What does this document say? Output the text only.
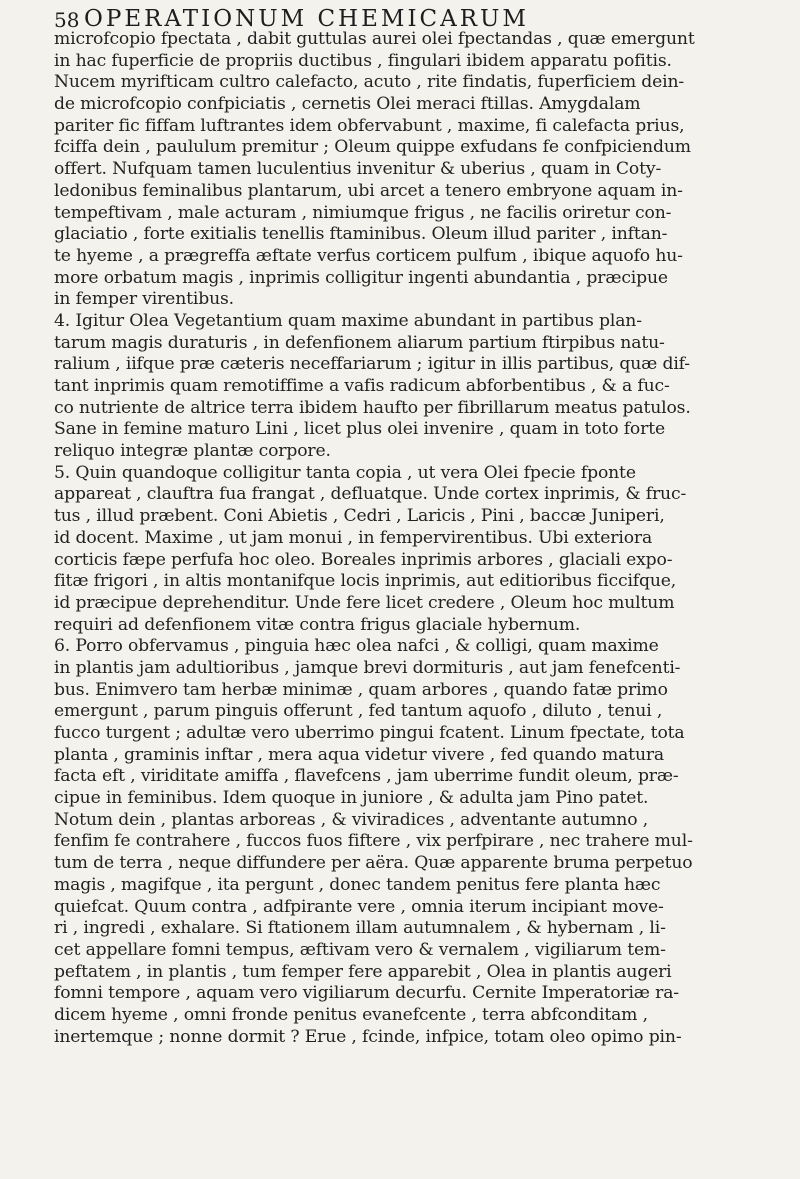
58 OPERATIONUM CHEMICARUM
microfcopio fpectata , dabit guttulas aurei olei fpectandas , quæ emergunt
in hac fuperficie de propriis ductibus , fingulari ibidem apparatu pofitis.
Nucem myrifticam cultro calefacto, acuto , rite findatis, fuperficiem dein-
de microfcopio confpiciatis , cernetis Olei meraci ftillas. Amygdalam
pariter fic fiffam luftrantes idem obfervabunt , maxime, fi calefacta prius,
fciffa dein , paululum premitur ; Oleum quippe exfudans fe confpiciendum
offert. Nufquam tamen luculentius invenitur & uberius , quam in Coty-
ledonibus feminalibus plantarum, ubi arcet a tenero embryone aquam in-
tempeftivam , male acturam , nimiumque frigus , ne facilis oriretur con-
glaciatio , forte exitialis tenellis ftaminibus. Oleum illud pariter , inftan-
te hyeme , a prægreffa æftate verfus corticem pulfum , ibique aquofo hu-
more orbatum magis , inprimis colligitur ingenti abundantia , præcipue
in femper virentibus.
4. Igitur Olea Vegetantium quam maxime abundant in partibus plan-
tarum magis duraturis , in defenfionem aliarum partium ftirpibus natu-
ralium , iifque præ cæteris neceffariarum ; igitur in illis partibus, quæ dif-
tant inprimis quam remotiffime a vafis radicum abforbentibus , & a fuc-
co nutriente de altrice terra ibidem haufto per fibrillarum meatus patulos.
Sane in femine maturo Lini , licet plus olei invenire , quam in toto forte
reliquo integræ plantæ corpore.
5. Quin quandoque colligitur tanta copia , ut vera Olei fpecie fponte
appareat , clauftra fua frangat , defluatque. Unde cortex inprimis, & fruc-
tus , illud præbent. Coni Abietis , Cedri , Laricis , Pini , baccæ Juniperi,
id docent. Maxime , ut jam monui , in fempervirentibus. Ubi exteriora
corticis fæpe perfufa hoc oleo. Boreales inprimis arbores , glaciali expo-
fitæ frigori , in altis montanifque locis inprimis, aut editioribus ficcifque,
id præcipue deprehenditur. Unde fere licet credere , Oleum hoc multum
requiri ad defenfionem vitæ contra frigus glaciale hybernum.
6. Porro obfervamus , pinguia hæc olea nafci , & colligi, quam maxime
in plantis jam adultioribus , jamque brevi dormituris , aut jam fenefcenti-
bus. Enimvero tam herbæ minimæ , quam arbores , quando fatæ primo
emergunt , parum pinguis offerunt , fed tantum aquofo , diluto , tenui ,
fucco turgent ; adultæ vero uberrimo pingui fcatent. Linum fpectate, tota
planta , graminis inftar , mera aqua videtur vivere , fed quando matura
facta eft , viriditate amiffa , flavefcens , jam uberrime fundit oleum, præ-
cipue in feminibus. Idem quoque in juniore , & adulta jam Pino patet.
Notum dein , plantas arboreas , & viviradices , adventante autumno ,
fenfim fe contrahere , fuccos fuos fiftere , vix perfpirare , nec trahere mul-
tum de terra , neque diffundere per aëra. Quæ apparente bruma perpetuo
magis , magifque , ita pergunt , donec tandem penitus fere planta hæc
quiefcat. Quum contra , adfpirante vere , omnia iterum incipiant move-
ri , ingredi , exhalare. Si ftationem illam autumnalem , & hybernam , li-
cet appellare fomni tempus, æftivam vero & vernalem , vigiliarum tem-
peftatem , in plantis , tum femper fere apparebit , Olea in plantis augeri
fomni tempore , aquam vero vigiliarum decurfu. Cernite Imperatoriæ ra-
dicem hyeme , omni fronde penitus evanefcente , terra abfconditam ,
inertemque ; nonne dormit ? Erue , fcinde, infpice, totam oleo opimo pin-
